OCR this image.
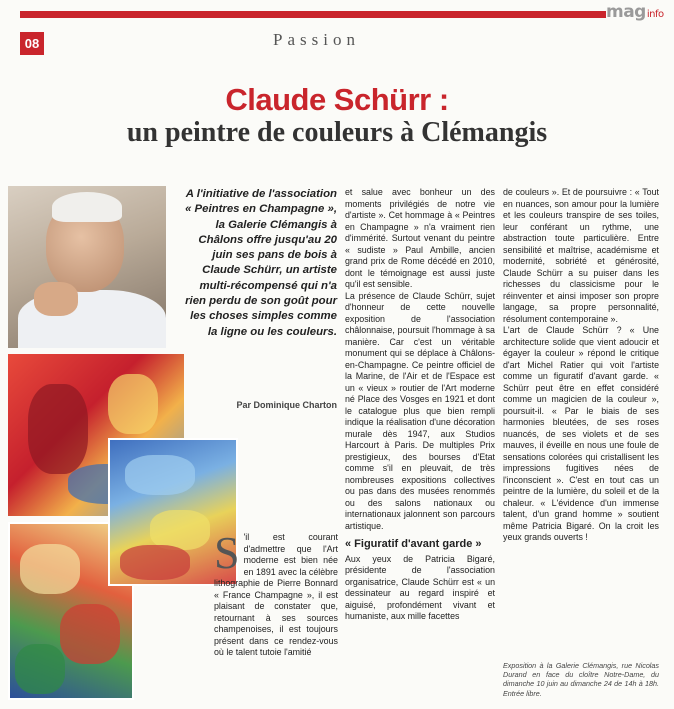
maginfo
08	Passion
Claude Schürr :
un peintre de couleurs à Clémangis
A l'initiative de l'association « Peintres en Champagne », la Galerie Clémangis à Châlons offre jusqu'au 20 juin ses pans de bois à Claude Schürr, un artiste multi-récompensé qui n'a rien perdu de son goût pour les choses simples comme la ligne ou les couleurs.
Par Dominique Charton
S 'il est courant d'admettre que l'Art moderne est bien née en 1891 avec la célèbre lithographie de Pierre Bonnard « France Champagne », il est plaisant de constater que, retournant à ses sources champenoises, il est toujours présent dans ce rendez-vous où le talent tutoie l'amitié

et salue avec bonheur un des moments privilégiés de notre vie d'artiste ». Cet hommage à « Peintres en Champagne » n'a vraiment rien d'immérité. Surtout venant du peintre « sudiste » Paul Ambille, ancien grand prix de Rome décédé en 2010, dont le témoignage est aussi juste qu'il est sensible.

La présence de Claude Schürr, sujet d'honneur de cette nouvelle exposition de l'association châlonnaise, poursuit l'hommage à sa manière. Car c'est un véritable monument qui se déplace à Châlons-en-Champagne. Ce peintre officiel de la Marine, de l'Air et de l'Espace est un « vieux » routier de l'Art moderne né Place des Vosges en 1921 et dont le catalogue plus que bien rempli indique la réalisation d'une décoration murale dès 1947, aux Studios Harcourt à Paris. De multiples Prix prestigieux, des bourses d'Etat comme s'il en pleuvait, de très nombreuses expositions collectives ou pas dans des musées renommés ou des salons nationaux ou internationaux jalonnent son parcours artistique.

« Figuratif d'avant garde »

Aux yeux de Patricia Bigaré, présidente de l'association organisatrice, Claude Schürr est « un dessinateur au regard inspiré et aiguisé, profondément vivant et humaniste, aux mille facettes

de couleurs ». Et de poursuivre : « Tout en nuances, son amour pour la lumière et les couleurs transpire de ses toiles, leur conférant un rythme, une abstraction toute particulière. Entre sensibilité et maîtrise, académisme et modernité, sobriété et générosité, Claude Schürr a su puiser dans les richesses du classicisme pour le réinventer et ainsi imposer son propre langage, sa propre personnalité, résolument contemporaine ».

L'art de Claude Schürr ? « Une architecture solide que vient adoucir et égayer la couleur » répond le critique d'art Michel Ratier qui voit l'artiste comme un figuratif d'avant garde. « Schürr peut être en effet considéré comme un magicien de la couleur », poursuit-il. « Par le biais de ses harmonies bleutées, de ses roses nuancés, de ses violets et de ses mauves, il éveille en nous une foule de sensations colorées qui cristallisent les impressions fugitives nées de l'inconscient ». C'est en tout cas un peintre de la lumière, du soleil et de la chaleur. « L'évidence d'un immense talent, d'un grand homme » soutient même Patricia Bigaré. On la croit les yeux grands ouverts !

Exposition à la Galerie Clémangis, rue Nicolas Durand en face du cloître Notre-Dame, du dimanche 10 juin au dimanche 24 de 14h à 18h. Entrée libre.
